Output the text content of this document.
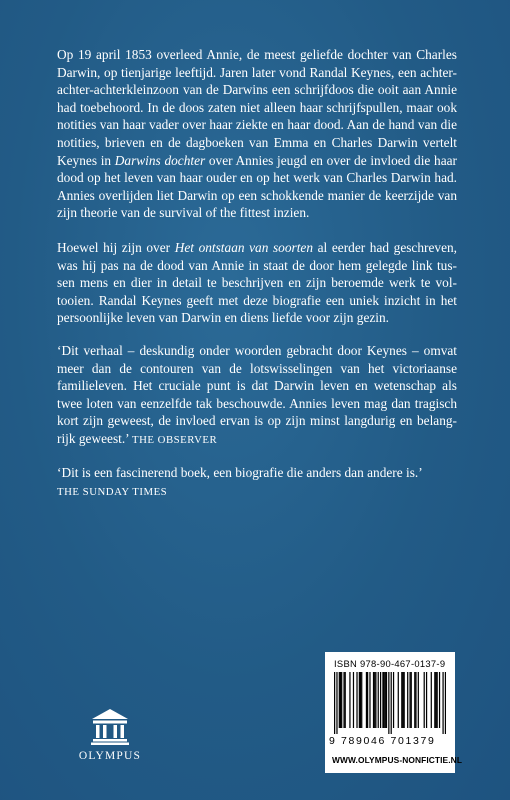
Op 19 april 1853 overleed Annie, de meest geliefde dochter van Charles Darwin, op tienjarige leeftijd. Jaren later vond Randal Keynes, een achter-achter-achterkleinzoon van de Darwins een schrijfdoos die ooit aan Annie had toebehoord. In de doos zaten niet alleen haar schrijfspullen, maar ook notities van haar vader over haar ziekte en haar dood. Aan de hand van die notities, brieven en de dagboeken van Emma en Charles Darwin vertelt Keynes in Darwins dochter over Annies jeugd en over de invloed die haar dood op het leven van haar ouder en op het werk van Charles Darwin had. Annies overlijden liet Darwin op een schokkende manier de keerzijde van zijn theorie van de survival of the fittest inzien.

Hoewel hij zijn over Het ontstaan van soorten al eerder had geschreven, was hij pas na de dood van Annie in staat de door hem gelegde link tus-sen mens en dier in detail te beschrijven en zijn beroemde werk te vol-tooien. Randal Keynes geeft met deze biografie een uniek inzicht in het persoonlijke leven van Darwin en diens liefde voor zijn gezin.

‘Dit verhaal – deskundig onder woorden gebracht door Keynes – omvat meer dan de contouren van de lotswisselingen van het victoriaanse familieleven. Het cruciale punt is dat Darwin leven en wetenschap als twee loten van eenzelfde tak beschouwde. Annies leven mag dan tragisch kort zijn geweest, de invloed ervan is op zijn minst langdurig en belang-rijk geweest.’ THE OBSERVER

‘Dit is een fascinerend boek, een biografie die anders dan andere is.’
THE SUNDAY TIMES

OLYMPUS
ISBN 978-90-467-0137-9
9 789046 701379
WWW.OLYMPUS-NONFICTIE.NL
